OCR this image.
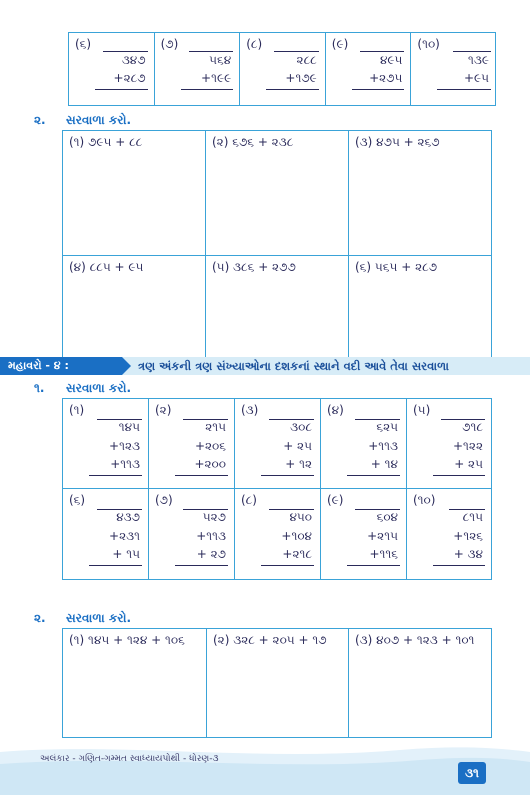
(૬)
૩૪૭
+૨૮૭
(૭)
૫૬૪
+૧૯૯
(૮)
૨૮૮
+૧૭૯
(૯)
૪૯૫
+૨૭૫
(૧૦)
૧૩૯
+૯૫
૨. સરવાળા કરો.
(૧) ૭૯૫ + ૮૮	(૨) ૬૭૬ + ૨૩૮	(૩) ૪૭૫ + ૨૬૭
(૪) ૮૮૫ + ૯૫	(૫) ૩૮૬ + ૨૭૭	(૬) ૫૬૫ + ૨૮૭
મહાવરો - ૪ :	ત્રણ અંકની ત્રણ સંખ્યાઓના દશકનાં સ્થાને વદી આવે તેવા સરવાળા
૧. સરવાળા કરો.
(૧)
૧૪૫
+૧૨૩
+૧૧૩
(૨)
૨૧૫
+૨૦૬
+૨૦૦
(૩)
૩૦૮
+ ૨૫
+ ૧૨
(૪)
૬૨૫
+૧૧૩
+ ૧૪
(૫)
૭૧૮
+૧૨૨
+ ૨૫
(૬)
૪૩૭
+૨૩૧
+ ૧૫
(૭)
૫૨૭
+૧૧૩
+ ૨૭
(૮)
૪૫૦
+૧૦૪
+૨૧૮
(૯)
૬૦૪
+૨૧૫
+૧૧૬
(૧૦)
૮૧૫
+૧૨૬
+ ૩૪
૨. સરવાળા કરો.
(૧) ૧૪૫ + ૧૨૪ + ૧૦૬ (૨) ૩૨૮ + ૨૦૫ + ૧૭ (૩) ૪૦૭ + ૧૨૩ + ૧૦૧
અલંકાર - ગણિત-ગમ્મત સ્વાધ્યાયપોથી - ધોરણ-૩
૩૧
